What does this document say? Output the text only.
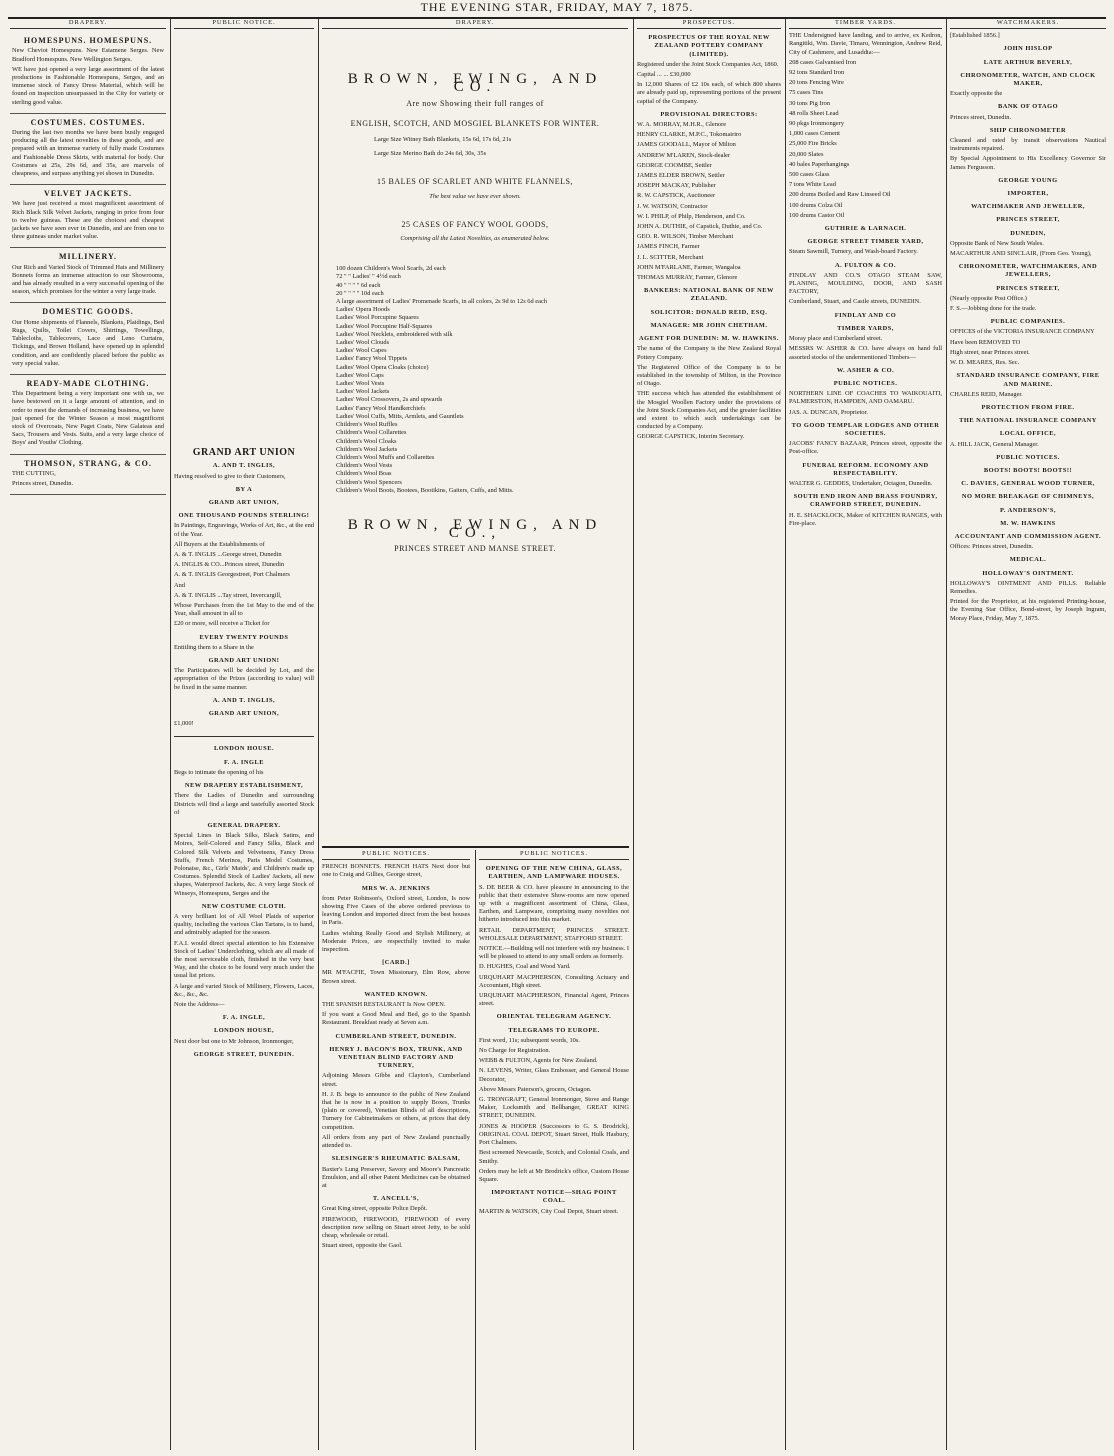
THE EVENING STAR, FRIDAY, MAY 7, 1875.
DRAPERY.
HOMESPUNS. HOMESPUNS.

New Cheviot Homespuns. New Estamene Serges. New Bradford Homespuns. New Wellington Serges.

WE have just opened a very large assortment of the latest productions in Fashionable Homespuns, Serges, and an immense stock of Fancy Dress Material, which will be found on inspection unsurpassed in the City for variety or sterling good value.

COSTUMES. COSTUMES.

During the last two months we have been busily engaged producing all the latest novelties in these goods, and are prepared with an immense variety of fully made Costumes and Fashionable Dress Skirts, with material for body. Our Costumes at 25s, 29s 6d, and 35s, are marvels of cheapness, and surpass anything yet shown in Dunedin.

VELVET JACKETS.

We have just received a most magnificent assortment of Rich Black Silk Velvet Jackets, ranging in price from four to twelve guineas. These are the choicest and cheapest jackets we have seen ever in Dunedin, and are from one to three guineas under market value.

MILLINERY.

Our Rich and Varied Stock of Trimmed Hats and Millinery Bonnets forms an immense attraction to our Showrooms, and has already resulted in a very successful opening of the season, which promises for the winter a very large trade.

DOMESTIC GOODS.

Our Home shipments of Flannels, Blankets, Plaidings, Bed Rugs, Quilts, Toilet Covers, Shirtings, Towellings, Tablecloths, Tablecovers, Lace and Leno Curtains, Tickings, and Brown Holland, have opened up in splendid condition, and are confidently placed before the public as very special value.

READY-MADE CLOTHING.

This Department being a very important one with us, we have bestowed on it a large amount of attention, and in order to meet the demands of increasing business, we have just opened for the Winter Season a most magnificent stock of Overcoats, New Paget Coats, New Galateas and Sacs, Trousers and Vests. Suits, and a very large choice of Boys' and Youths' Clothing.

THOMSON, STRANG, & CO.

THE CUTTING,

Princes street, Dunedin.

PUBLIC NOTICE.

GRAND ART UNION

A. AND T. INGLIS,

Having resolved to give to their Customers,

BY A

GRAND ART UNION,

ONE THOUSAND POUNDS STERLING!

In Paintings, Engravings, Works of Art, &c., at the end of the Year.

All Buyers at the Establishments of

A. & T. INGLIS ...George street, Dunedin

A. INGLIS & CO...Princes street, Dunedin

A. & T. INGLIS Georgestreet, Port Chalmers

And

A. & T. INGLIS ...Tay street, Invercargill,

Whose Purchases from the 1st May to the end of the Year, shall amount in all to

£20 or more, will receive a Ticket for

EVERY TWENTY POUNDS

Entitling them to a Share in the

GRAND ART UNION!

The Participators will be decided by Lot, and the appropriation of the Prizes (according to value) will be fixed in the same manner.

A. AND T. INGLIS,

GRAND ART UNION,

£1,000!

LONDON HOUSE.

F. A. INGLE

Begs to intimate the opening of his

NEW DRAPERY ESTABLISHMENT,

There the Ladies of Dunedin and surrounding Districts will find a large and tastefully assorted Stock of

GENERAL DRAPERY.

Special Lines in Black Silks, Black Satins, and Moires, Self-Colored and Fancy Silks, Black and Colored Silk Velvets and Velveteens, Fancy Dress Stuffs, French Merinos, Paris Model Costumes, Polonaise, &c., Girls' Maids', and Children's made up Costumes. Splendid Stock of Ladies' Jackets, all new shapes, Waterproof Jackets, &c. A very large Stock of Winseys, Homespuns, Serges and the

NEW COSTUME CLOTH.

A very brilliant lot of All Wool Plaids of superior quality, including the various Clan Tartans, is to hand, and admirably adapted for the season.

F.A.I. would direct special attention to his Extensive Stock of Ladies' Underclothing, which are all made of the most serviceable cloth, finished in the very best Way, and the choice to be found very much under the usual list prices.

A large and varied Stock of Millinery, Flowers, Laces, &c., &c., &c.

Note the Address—

F. A. INGLE,

LONDON HOUSE,

Next door but one to Mr Johnson, Ironmonger,

GEORGE STREET, DUNEDIN.

DRAPERY.
BROWN, EWING, AND CO.
Are now Showing their full ranges of
ENGLISH, SCOTCH, AND MOSGIEL BLANKETS FOR WINTER.
Large Size Witney Bath Blankets, 15s 6d, 17s 6d, 21s
Large Size Merino Bath do 24s 6d, 30s, 35s
15 BALES OF SCARLET AND WHITE FLANNELS,
The best value we have ever shown.
25 CASES OF FANCY WOOL GOODS,
Comprising all the Latest Novelties, as enumerated below.
100 dozen Children's Wool Scarfs, 2d each
72 " " Ladies' " 4½d each
40 " " " " 6d each
20 " " " " 10d each
A large assortment of Ladies' Promenade Scarfs, in all colors, 2s 9d to 12s 6d each
Ladies' Opera Hoods
Ladies' Wool Porcupine Squares
Ladies' Wool Porcupine Half-Squares
Ladies' Wool Necklets, embroidered with silk
Ladies' Wool Clouds
Ladies' Wool Capes
Ladies' Fancy Wool Tippets
Ladies' Wool Opera Cloaks (choice)
Ladies' Wool Caps
Ladies' Wool Vests
Ladies' Wool Jackets
Ladies' Wool Crossovers, 2s and upwards
Ladies' Fancy Wool Handkerchiefs
Ladies' Wool Cuffs, Mitts, Armlets, and Gauntlets
Children's Wool Ruffles
Children's Wool Collarettes
Children's Wool Cloaks
Children's Wool Jackets
Children's Wool Muffs and Collarettes
Children's Wool Vests
Children's Wool Boas
Children's Wool Spencers
Children's Wool Boots, Bootees, Bootikins, Gaiters, Cuffs, and Mitts.
BROWN, EWING, AND CO.,
PRINCES STREET AND MANSE STREET.
PUBLIC NOTICES.

FRENCH BONNETS. FRENCH HATS Next door but one to Craig and Gillies, George street,

MRS W. A. JENKINS

from Peter Robinson's, Oxford street, London, Is now showing Five Cases of the above ordered previous to leaving London and imported direct from the best houses in Paris.

Ladies wishing Really Good and Stylish Millinery, at Moderate Prices, are respectfully invited to make inspection.

[CARD.]

MR M'FACFIE, Town Missionary, Elm Row, above Brown street.

WANTED KNOWN.

THE SPANISH RESTAURANT Is Now OPEN.

If you want a Good Meal and Bed, go to the Spanish Restaurant. Breakfast ready at Seven a.m.

CUMBERLAND STREET, DUNEDIN.

HENRY J. BACON'S BOX, TRUNK, AND VENETIAN BLIND FACTORY AND TURNERY,

Adjoining Messrs Gibbs and Clayton's, Cumberland street.

H. J. B. begs to announce to the public of New Zealand that he is now in a position to supply Boxes, Trunks (plain or covered), Venetian Blinds of all descriptions, Turnery for Cabinetmakers or others, at prices that defy competition.

All orders from any part of New Zealand punctually attended to.

SLESINGER'S RHEUMATIC BALSAM,

Baxter's Lung Preserver, Savory and Moore's Pancreatic Emulsion, and all other Patent Medicines can be obtained at

T. ANCELL'S,

Great King street, opposite Police Depôt.

FIREWOOD, FIREWOOD, FIREWOOD of every description now selling on Stuart street Jetty, to be sold cheap, wholesale or retail.

Stuart street, opposite the Gaol.

PUBLIC NOTICES.

OPENING OF THE NEW CHINA, GLASS, EARTHEN, AND LAMPWARE HOUSES.

S. DE BEER & CO. have pleasure in announcing to the public that their extensive Show-rooms are now opened up with a magnificent assortment of China, Glass, Earthen, and Lampware, comprising many novelties not hitherto introduced into this market.

RETAIL DEPARTMENT, PRINCES STREET. WHOLESALE DEPARTMENT, STAFFORD STREET.

NOTICE.—Building will not interfere with my business. I will be pleased to attend to any small orders as formerly.

D. HUGHES, Coal and Wood Yard.

URQUHART MACPHERSON, Consulting Actuary and Accountant, High street.

URQUHART MACPHERSON, Financial Agent, Princes street.

ORIENTAL TELEGRAM AGENCY.

TELEGRAMS TO EUROPE.

First word, 11s; subsequent words, 10s.

No Charge for Registration.

WEBB & FULTON, Agents for New Zealand.

N. LEVENS, Writer, Glass Embosser, and General House Decorator,

Above Messrs Paterson's, grocers, Octagon.

G. TRONGRAFT, General Ironmonger, Stove and Range Maker, Locksmith and Bellhanger, GREAT KING STREET, DUNEDIN.

JONES & HOOPER (Successors to G. S. Brodrick), ORIGINAL COAL DEPOT, Stuart Street, Hulk Hasbury, Port Chalmers.

Best screened Newcastle, Scotch, and Colonial Coals, and Smithy.

Orders may be left at Mr Brodrick's office, Custom House Square.

IMPORTANT NOTICE—SHAG POINT COAL.

MARTIN & WATSON, City Coal Depot, Stuart street.

PROSPECTUS.

PROSPECTUS OF THE ROYAL NEW ZEALAND POTTERY COMPANY (LIMITED).

Registered under the Joint Stock Companies Act, 1860.

Capital ... ... £30,000

In 12,000 Shares of £2 10s each, of which 800 shares are already paid up, representing portions of the present capital of the Company.

PROVISIONAL DIRECTORS:

W. A. MORRAY, M.H.R., Glenore

HENRY CLARKE, M.P.C., Tokomairiro

JAMES GOODALL, Mayor of Milton

ANDREW M'LAREN, Stock-dealer

GEORGE COOMBE, Settler

JAMES ELDER BROWN, Settler

JOSEPH MACKAY, Publisher

R. W. CAPSTICK, Auctioneer

J. W. WATSON, Contractor

W. I. PHILP, of Philp, Henderson, and Co.

JOHN A. DUTHIE, of Capstick, Duthie, and Co.

GEO. R. WILSON, Timber Merchant

JAMES FINCH, Farmer

J. L. SCITTER, Merchant

JOHN M'FARLANE, Farmer, Wangaloa

THOMAS MURRAY, Farmer, Glenore

BANKERS: NATIONAL BANK OF NEW ZEALAND.

SOLICITOR: DONALD REID, ESQ.

MANAGER: MR JOHN CHETHAM.

AGENT FOR DUNEDIN: M. W. HAWKINS.

The name of the Company is the New Zealand Royal Pottery Company.

The Registered Office of the Company is to be established in the township of Milton, in the Province of Otago.

THE success which has attended the establishment of the Mosgiel Woollen Factory under the provisions of the Joint Stock Companies Act, and the greater facilities and extent to which such undertakings can be conducted by a Company.

GEORGE CAPSTICK, Interim Secretary.

TIMBER YARDS.

THE Undersigned have landing, and to arrive, ex Kedron, Rangitiki, Wm. Davie, Timaru, Wennington, Andrew Reid, City of Cashmere, and Lusaddia:—

208 cases Galvanised Iron

92 tons Standard Iron

20 tons Fencing Wire

75 cases Tins

30 tons Pig Iron

48 rolls Sheet Lead

90 pkgs Ironmongery

1,000 cases Cement

25,000 Fire Bricks

20,000 Slates

40 bales Paperhangings

500 cases Glass

7 tons White Lead

200 drums Boiled and Raw Linseed Oil

100 drums Colza Oil

100 drums Castor Oil

GUTHRIE & LARNACH.

GEORGE STREET TIMBER YARD,

Steam Sawmill, Turnery, and Wash-board Factory.

A. FULTON & CO.

FINDLAY AND CO.'S OTAGO STEAM SAW, PLANING, MOULDING, DOOR, AND SASH FACTORY,

Cumberland, Stuart, and Castle streets, DUNEDIN.

FINDLAY AND CO

TIMBER YARDS,

Moray place and Cumberland street.

MESSRS W. ASHER & CO. have always on hand full assorted stocks of the undermentioned Timbers—

W. ASHER & CO.

PUBLIC NOTICES.

NORTHERN LINE OF COACHES TO WAIKOUAITI, PALMERSTON, HAMPDEN, AND OAMARU.

JAS. A. DUNCAN, Proprietor.

TO GOOD TEMPLAR LODGES AND OTHER SOCIETIES.

JACOBS' FANCY BAZAAR, Princes street, opposite the Post-office.

FUNERAL REFORM. ECONOMY AND RESPECTABILITY.

WALTER G. GEDDES, Undertaker, Octagon, Dunedin.

SOUTH END IRON AND BRASS FOUNDRY, CRAWFORD STREET, DUNEDIN.

H. E. SHACKLOCK, Maker of KITCHEN RANGES, with Fire-place.

WATCHMAKERS.

[Established 1856.]

JOHN HISLOP

LATE ARTHUR BEVERLY,

CHRONOMETER, WATCH, AND CLOCK MAKER,

Exactly opposite the

BANK OF OTAGO

Princes street, Dunedin.

SHIP CHRONOMETER

Cleaned and rated by transit observations Nautical instruments repaired.

By Special Appointment to His Excellency Governor Sir James Fergusson.

GEORGE YOUNG

IMPORTER,

WATCHMAKER AND JEWELLER,

PRINCES STREET,

DUNEDIN,

Opposite Bank of New South Wales.

MACARTHUR AND SINCLAIR, (From Geo. Young),

CHRONOMETER, WATCHMAKERS, AND JEWELLERS,

PRINCES STREET,

(Nearly opposite Post Office.)

F. S.—Jobbing done for the trade.

PUBLIC COMPANIES.

OFFICES of the VICTORIA INSURANCE COMPANY

Have been REMOVED TO

High street, near Princes street.

W. D. MEARES, Res. Sec.

STANDARD INSURANCE COMPANY, FIRE AND MARINE.

CHARLES REID, Manager.

PROTECTION FROM FIRE.

THE NATIONAL INSURANCE COMPANY

LOCAL OFFICE,

A. HILL JACK, General Manager.

PUBLIC NOTICES.

BOOTS! BOOTS! BOOTS!!

C. DAVIES, GENERAL WOOD TURNER,

NO MORE BREAKAGE OF CHIMNEYS,

P. ANDERSON'S,

M. W. HAWKINS

ACCOUNTANT AND COMMISSION AGENT.

Offices: Princes street, Dunedin.

MEDICAL.

HOLLOWAY'S OINTMENT.

HOLLOWAY'S OINTMENT AND PILLS. Reliable Remedies.

Printed for the Proprietor, at his registered Printing-house, the Evening Star Office, Bond-street, by Joseph Ingram, Moray Place, Friday, May 7, 1875.
